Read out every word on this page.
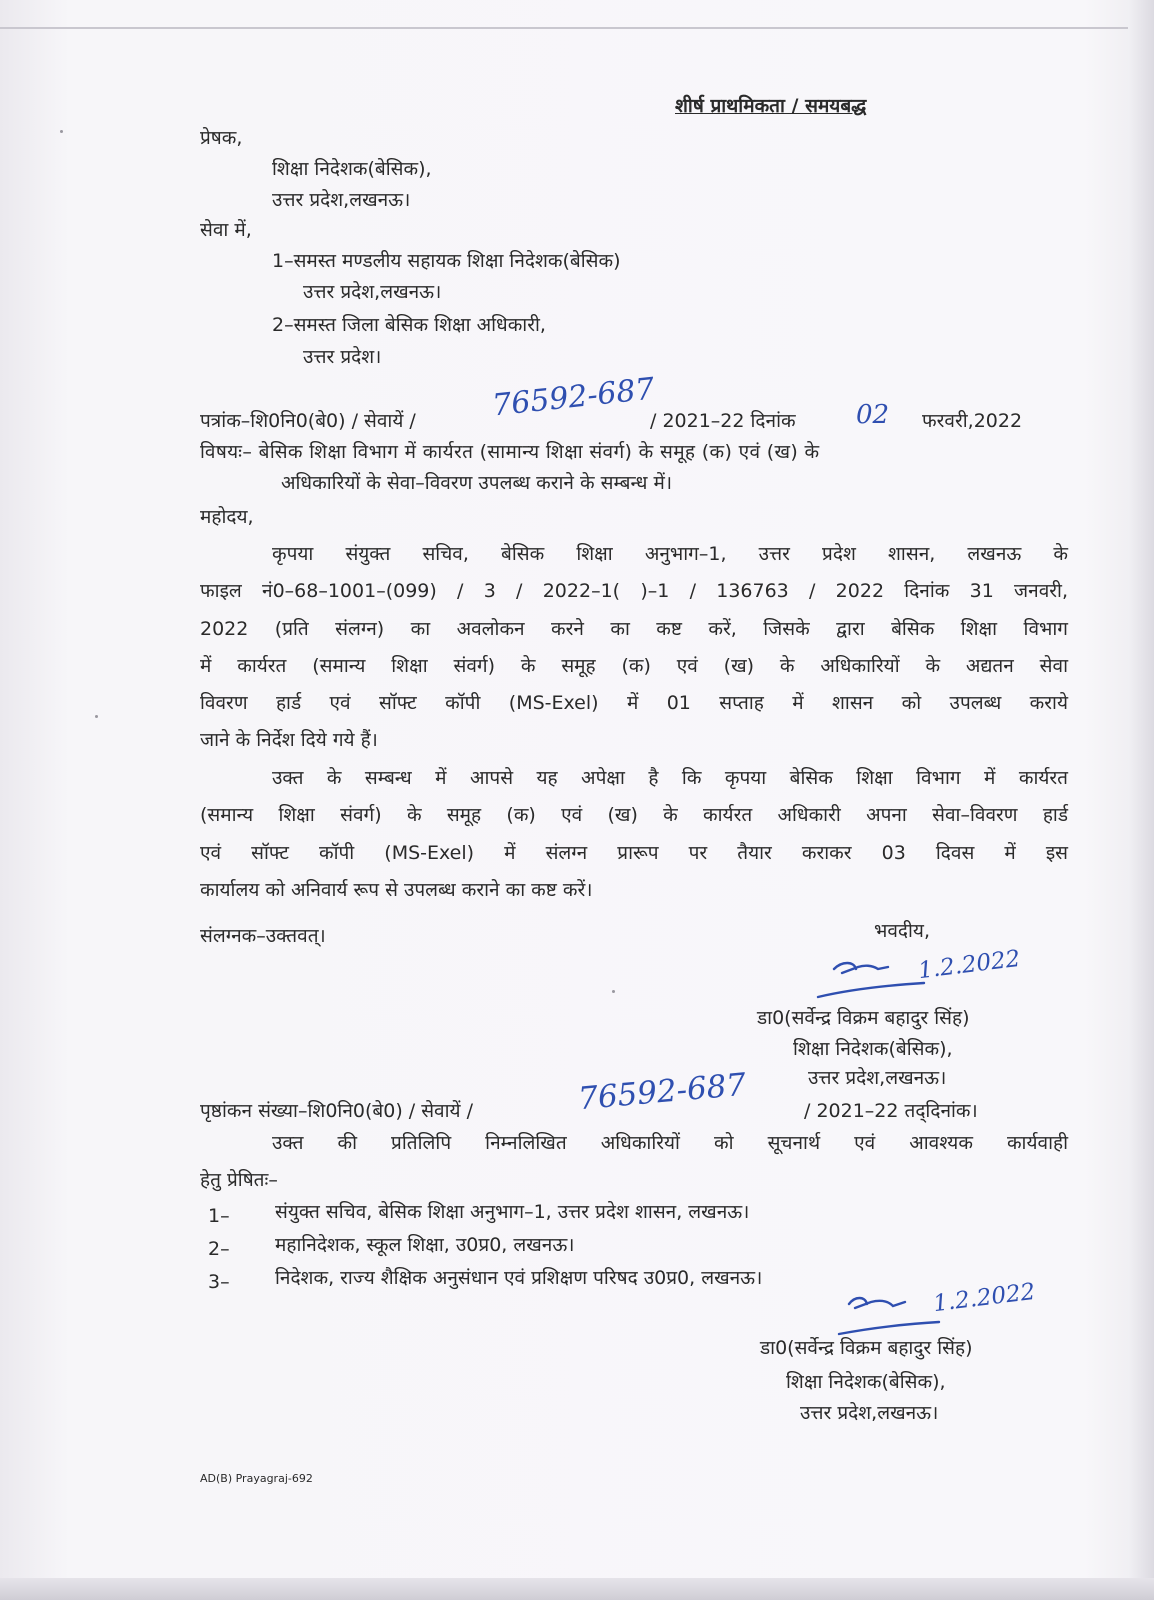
शीर्ष प्राथमिकता / समयबद्ध
प्रेषक,
शिक्षा निदेशक(बेसिक),
उत्तर प्रदेश,लखनऊ।
सेवा में,
1–समस्त मण्डलीय सहायक शिक्षा निदेशक(बेसिक)
उत्तर प्रदेश,लखनऊ।
2–समस्त जिला बेसिक शिक्षा अधिकारी,
उत्तर प्रदेश।
पत्रांक–शि0नि0(बे0) / सेवायें / 76592-687
/ 2021–22 दिनांक 02 फरवरी,2022
विषयः– बेसिक शिक्षा विभाग में कार्यरत (सामान्य शिक्षा संवर्ग) के समूह (क) एवं (ख) के
अधिकारियों के सेवा–विवरण उपलब्ध कराने के सम्बन्ध में।
महोदय,
कृपया संयुक्त सचिव, बेसिक शिक्षा अनुभाग–1, उत्तर प्रदेश शासन, लखनऊ के
फाइल नं0–68–1001–(099) / 3 / 2022–1( )–1 / 136763 / 2022 दिनांक 31 जनवरी,
2022 (प्रति संलग्न) का अवलोकन करने का कष्ट करें, जिसके द्वारा बेसिक शिक्षा विभाग
में कार्यरत (समान्य शिक्षा संवर्ग) के समूह (क) एवं (ख) के अधिकारियों के अद्यतन सेवा
विवरण हार्ड एवं सॉफ्ट कॉपी (MS-Exel) में 01 सप्ताह में शासन को उपलब्ध कराये
जाने के निर्देश दिये गये हैं।
उक्त के सम्बन्ध में आपसे यह अपेक्षा है कि कृपया बेसिक शिक्षा विभाग में कार्यरत
(समान्य शिक्षा संवर्ग) के समूह (क) एवं (ख) के कार्यरत अधिकारी अपना सेवा–विवरण हार्ड
एवं सॉफ्ट कॉपी (MS-Exel) में संलग्न प्रारूप पर तैयार कराकर 03 दिवस में इस
कार्यालय को अनिवार्य रूप से उपलब्ध कराने का कष्ट करें।
संलग्नक–उक्तवत्।	भवदीय,
1.2.2022
डा0(सर्वेन्द्र विक्रम बहादुर सिंह)
शिक्षा निदेशक(बेसिक),
उत्तर प्रदेश,लखनऊ।
पृष्ठांकन संख्या–शि0नि0(बे0) / सेवायें /	76592-687	/ 2021–22 तद्‌दिनांक।
उक्त की प्रतिलिपि निम्नलिखित अधिकारियों को सूचनार्थ एवं आवश्यक कार्यवाही
हेतु प्रेषितः–
1– संयुक्त सचिव, बेसिक शिक्षा अनुभाग–1, उत्तर प्रदेश शासन, लखनऊ।
2– महानिदेशक, स्कूल शिक्षा, उ0प्र0, लखनऊ।
3– निदेशक, राज्य शैक्षिक अनुसंधान एवं प्रशिक्षण परिषद उ0प्र0, लखनऊ।
1.2.2022
डा0(सर्वेन्द्र विक्रम बहादुर सिंह)
शिक्षा निदेशक(बेसिक),
उत्तर प्रदेश,लखनऊ।
AD(B) Prayagraj-692
